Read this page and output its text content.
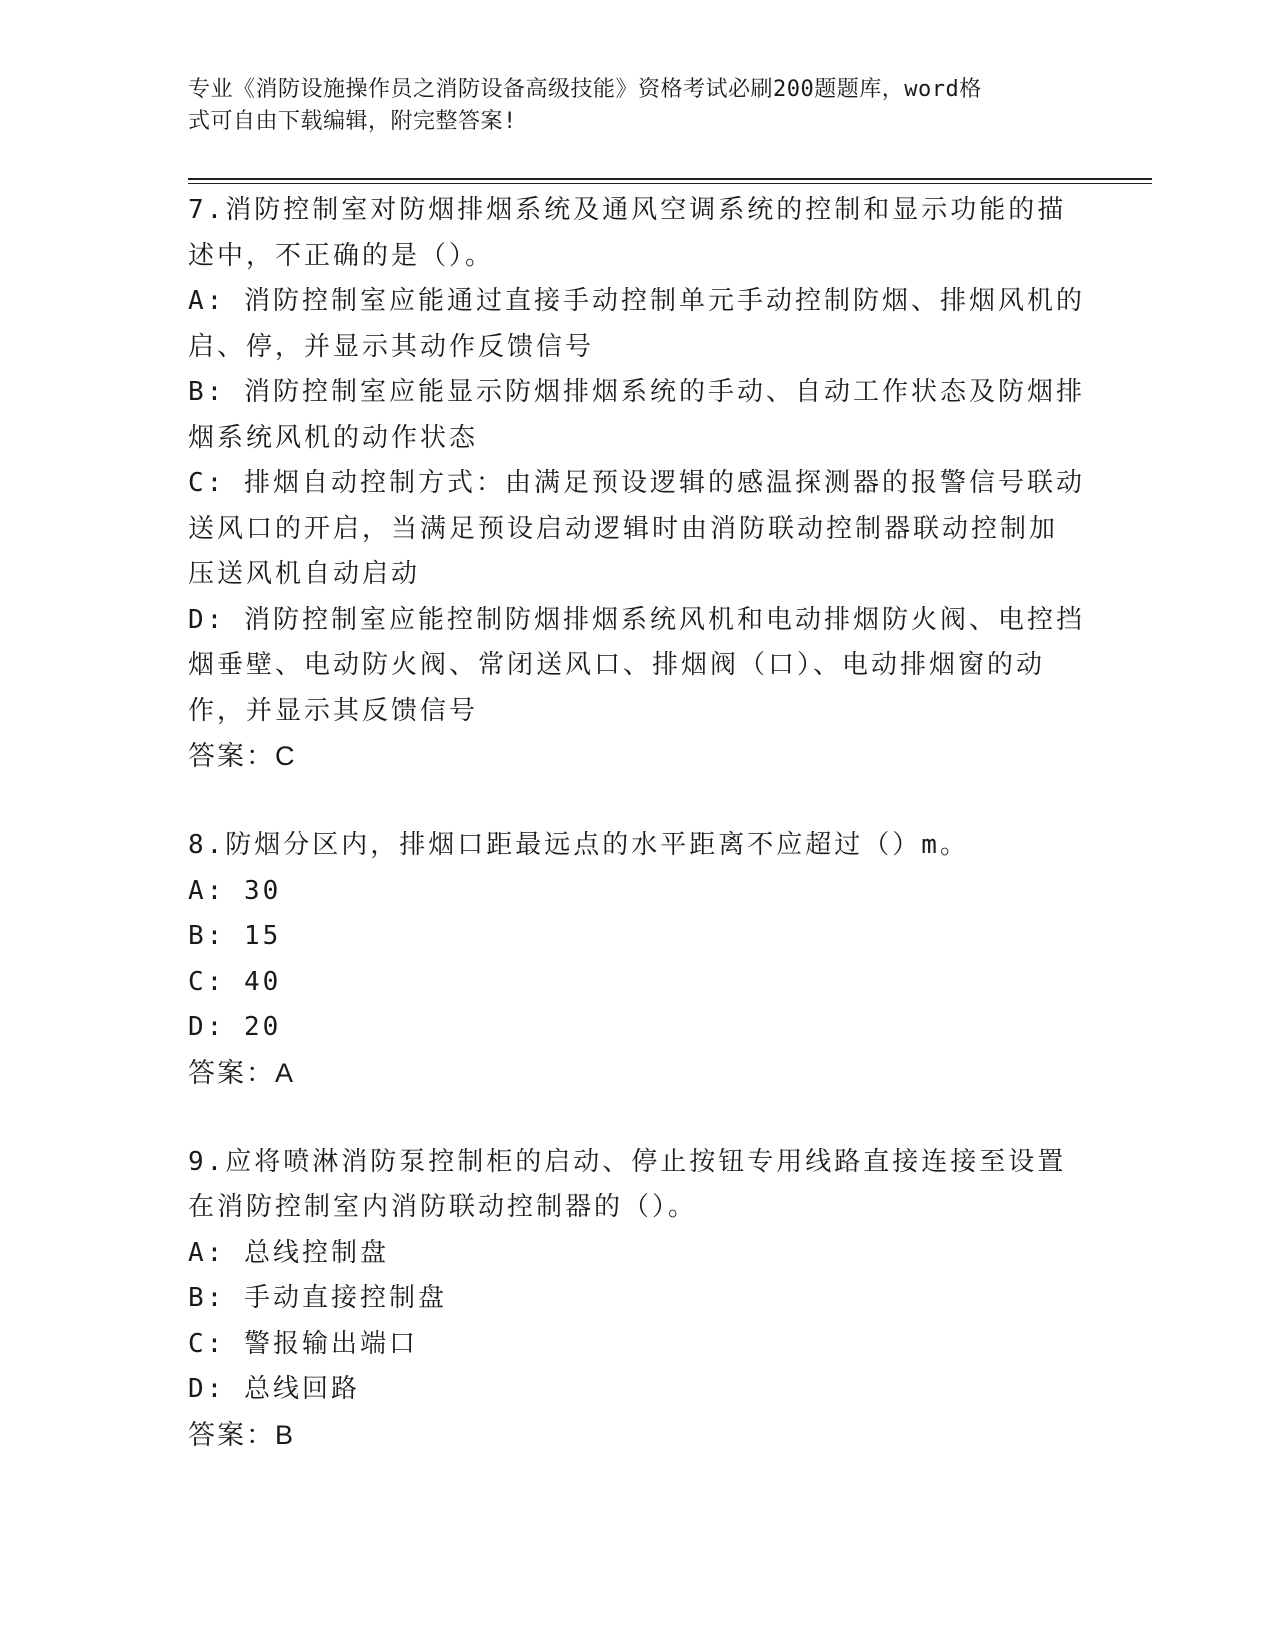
专业《消防设施操作员之消防设备高级技能》资格考试必刷200题题库，word格
式可自由下载编辑，附完整答案!
7.消防控制室对防烟排烟系统及通风空调系统的控制和显示功能的描
述中，不正确的是（）。
A: 消防控制室应能通过直接手动控制单元手动控制防烟、排烟风机的
启、停，并显示其动作反馈信号
B: 消防控制室应能显示防烟排烟系统的手动、自动工作状态及防烟排
烟系统风机的动作状态
C: 排烟自动控制方式：由满足预设逻辑的感温探测器的报警信号联动
送风口的开启，当满足预设启动逻辑时由消防联动控制器联动控制加
压送风机自动启动
D: 消防控制室应能控制防烟排烟系统风机和电动排烟防火阀、电控挡
烟垂壁、电动防火阀、常闭送风口、排烟阀（口）、电动排烟窗的动
作，并显示其反馈信号
答案：C
8.防烟分区内，排烟口距最远点的水平距离不应超过（）m。
A: 30
B: 15
C: 40
D: 20
答案：A
9.应将喷淋消防泵控制柜的启动、停止按钮专用线路直接连接至设置
在消防控制室内消防联动控制器的（）。
A: 总线控制盘
B: 手动直接控制盘
C: 警报输出端口
D: 总线回路
答案：B
